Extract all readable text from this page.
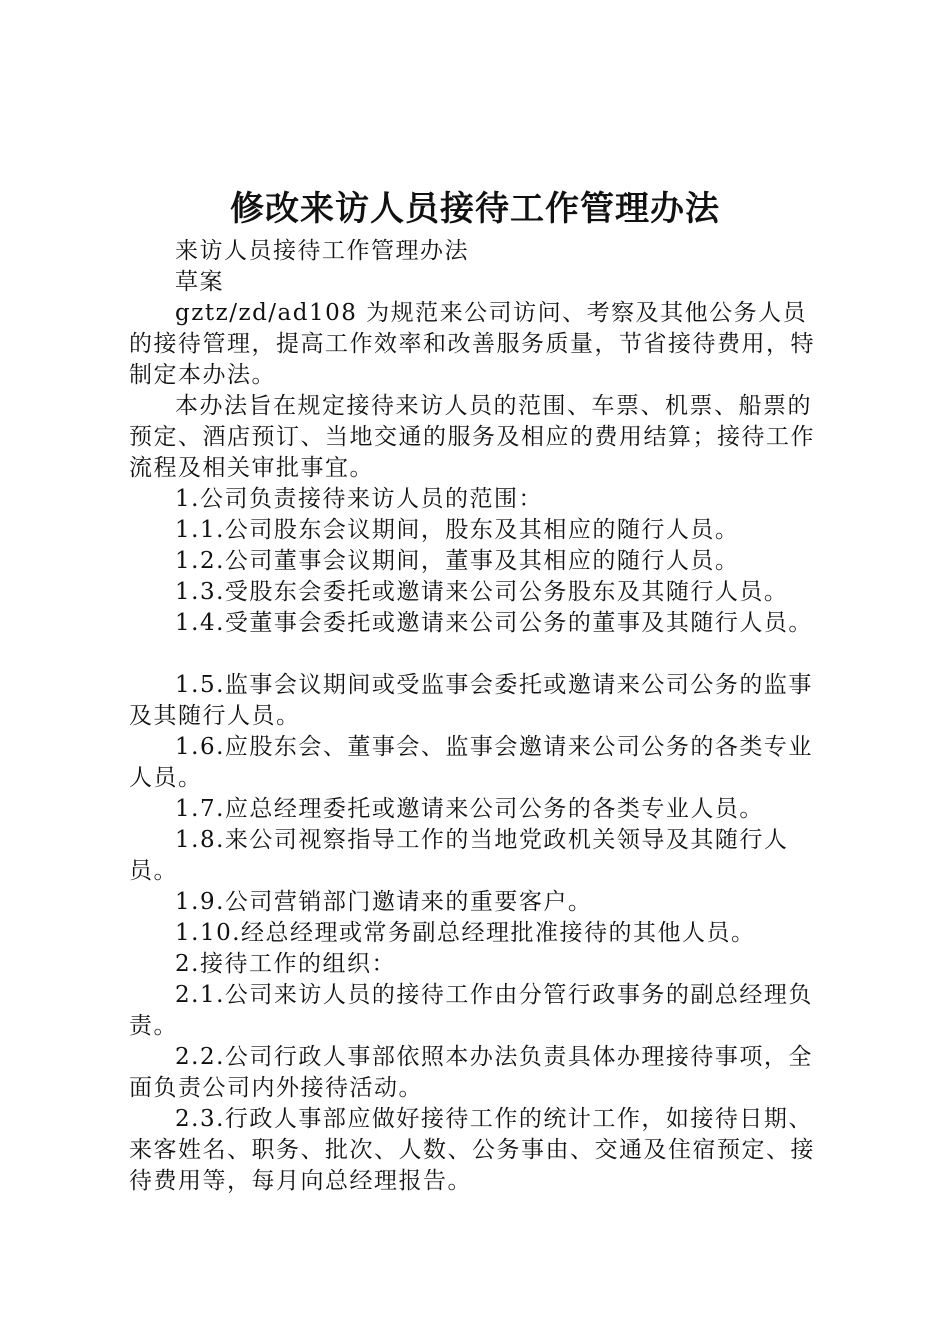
修改来访人员接待工作管理办法

来访人员接待工作管理办法

草案

gztz/zd/ad108 为规范来公司访问、考察及其他公务人员的接待管理，提高工作效率和改善服务质量，节省接待费用，特制定本办法。

本办法旨在规定接待来访人员的范围、车票、机票、船票的预定、酒店预订、当地交通的服务及相应的费用结算；接待工作流程及相关审批事宜。

1.公司负责接待来访人员的范围：

1.1.公司股东会议期间，股东及其相应的随行人员。

1.2.公司董事会议期间，董事及其相应的随行人员。

1.3.受股东会委托或邀请来公司公务股东及其随行人员。

1.4.受董事会委托或邀请来公司公务的董事及其随行人员。

1.5.监事会议期间或受监事会委托或邀请来公司公务的监事及其随行人员。

1.6.应股东会、董事会、监事会邀请来公司公务的各类专业人员。

1.7.应总经理委托或邀请来公司公务的各类专业人员。

1.8.来公司视察指导工作的当地党政机关领导及其随行人员。

1.9.公司营销部门邀请来的重要客户。

1.10.经总经理或常务副总经理批准接待的其他人员。

2.接待工作的组织：

2.1.公司来访人员的接待工作由分管行政事务的副总经理负责。

2.2.公司行政人事部依照本办法负责具体办理接待事项，全面负责公司内外接待活动。

2.3.行政人事部应做好接待工作的统计工作，如接待日期、来客姓名、职务、批次、人数、公务事由、交通及住宿预定、接待费用等，每月向总经理报告。
